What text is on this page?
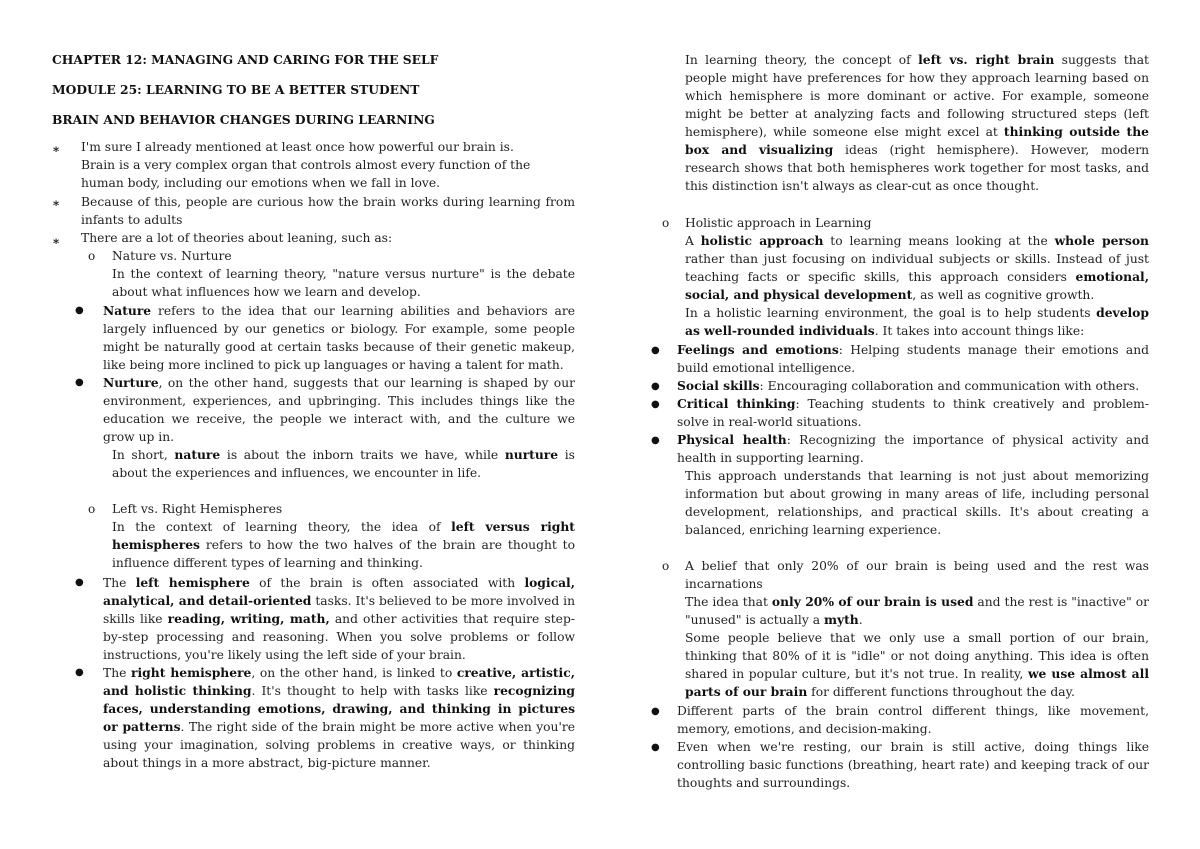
CHAPTER 12: MANAGING AND CARING FOR THE SELF

MODULE 25: LEARNING TO BE A BETTER STUDENT

BRAIN AND BEHAVIOR CHANGES DURING LEARNING

∗ I'm sure I already mentioned at least once how powerful our brain is.

Brain is a very complex organ that controls almost every function of the human body, including our emotions when we fall in love.

∗ Because of this, people are curious how the brain works during learning from infants to adults

∗ There are a lot of theories about leaning, such as:

o Nature vs. Nurture

In the context of learning theory, "nature versus nurture" is the debate about what influences how we learn and develop.

● Nature refers to the idea that our learning abilities and behaviors are largely influenced by our genetics or biology. For example, some people might be naturally good at certain tasks because of their genetic makeup, like being more inclined to pick up languages or having a talent for math.

● Nurture, on the other hand, suggests that our learning is shaped by our environment, experiences, and upbringing. This includes things like the education we receive, the people we interact with, and the culture we grow up in.

In short, nature is about the inborn traits we have, while nurture is about the experiences and influences, we encounter in life.

o Left vs. Right Hemispheres

In the context of learning theory, the idea of left versus right hemispheres refers to how the two halves of the brain are thought to influence different types of learning and thinking.

● The left hemisphere of the brain is often associated with logical, analytical, and detail-oriented tasks. It's believed to be more involved in skills like reading, writing, math, and other activities that require step-by-step processing and reasoning. When you solve problems or follow instructions, you're likely using the left side of your brain.

● The right hemisphere, on the other hand, is linked to creative, artistic, and holistic thinking. It's thought to help with tasks like recognizing faces, understanding emotions, drawing, and thinking in pictures or patterns. The right side of the brain might be more active when you're using your imagination, solving problems in creative ways, or thinking about things in a more abstract, big-picture manner.

In learning theory, the concept of left vs. right brain suggests that people might have preferences for how they approach learning based on which hemisphere is more dominant or active. For example, someone might be better at analyzing facts and following structured steps (left hemisphere), while someone else might excel at thinking outside the box and visualizing ideas (right hemisphere). However, modern research shows that both hemispheres work together for most tasks, and this distinction isn't always as clear-cut as once thought.

o Holistic approach in Learning

A holistic approach to learning means looking at the whole person rather than just focusing on individual subjects or skills. Instead of just teaching facts or specific skills, this approach considers emotional, social, and physical development, as well as cognitive growth.

In a holistic learning environment, the goal is to help students develop as well-rounded individuals. It takes into account things like:

● Feelings and emotions: Helping students manage their emotions and build emotional intelligence.

● Social skills: Encouraging collaboration and communication with others.

● Critical thinking: Teaching students to think creatively and problem-solve in real-world situations.

● Physical health: Recognizing the importance of physical activity and health in supporting learning.

This approach understands that learning is not just about memorizing information but about growing in many areas of life, including personal development, relationships, and practical skills. It's about creating a balanced, enriching learning experience.

o A belief that only 20% of our brain is being used and the rest was incarnations

The idea that only 20% of our brain is used and the rest is "inactive" or "unused" is actually a myth.

Some people believe that we only use a small portion of our brain, thinking that 80% of it is "idle" or not doing anything. This idea is often shared in popular culture, but it's not true. In reality, we use almost all parts of our brain for different functions throughout the day.

● Different parts of the brain control different things, like movement, memory, emotions, and decision-making.

● Even when we're resting, our brain is still active, doing things like controlling basic functions (breathing, heart rate) and keeping track of our thoughts and surroundings.
